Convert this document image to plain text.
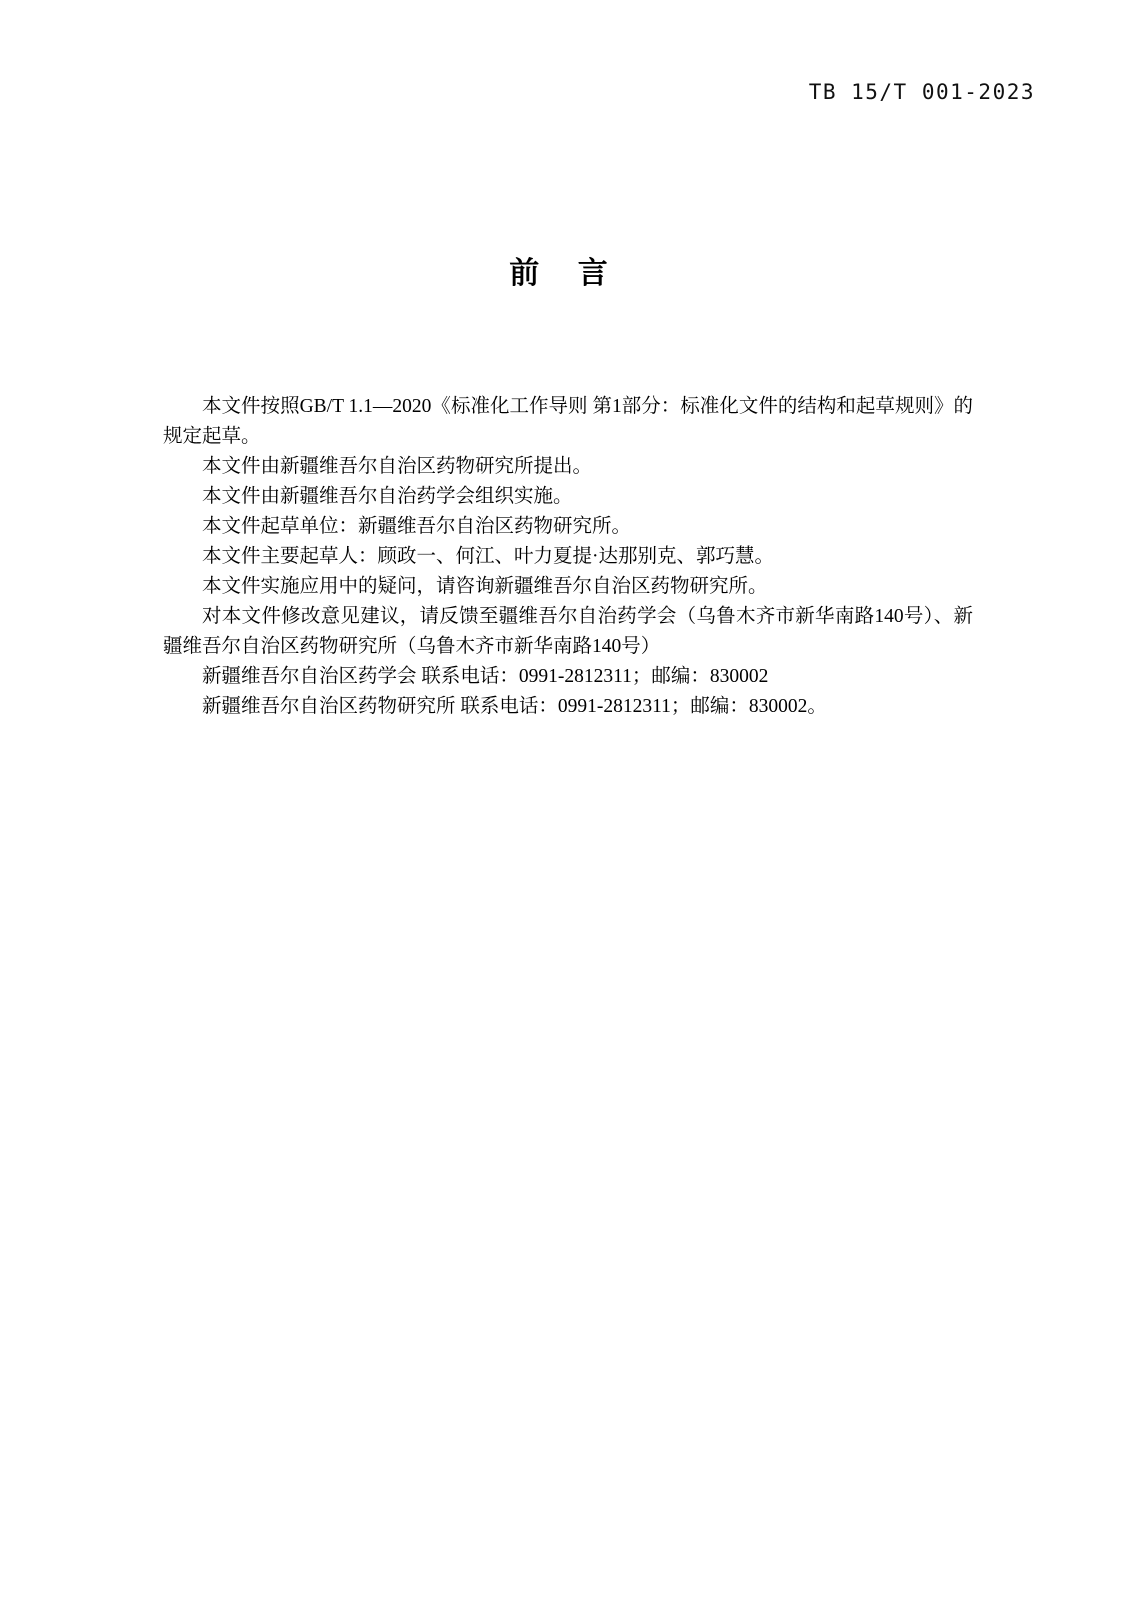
TB 15/T 001-2023
前 言

本文件按照GB/T 1.1—2020《标准化工作导则 第1部分：标准化文件的结构和起草规则》的规定起草。

本文件由新疆维吾尔自治区药物研究所提出。

本文件由新疆维吾尔自治药学会组织实施。

本文件起草单位：新疆维吾尔自治区药物研究所。

本文件主要起草人：顾政一、何江、叶力夏提·达那别克、郭巧慧。

本文件实施应用中的疑问，请咨询新疆维吾尔自治区药物研究所。

对本文件修改意见建议，请反馈至疆维吾尔自治药学会（乌鲁木齐市新华南路140号）、新疆维吾尔自治区药物研究所（乌鲁木齐市新华南路140号）

新疆维吾尔自治区药学会 联系电话：0991-2812311；邮编：830002

新疆维吾尔自治区药物研究所 联系电话：0991-2812311；邮编：830002。
